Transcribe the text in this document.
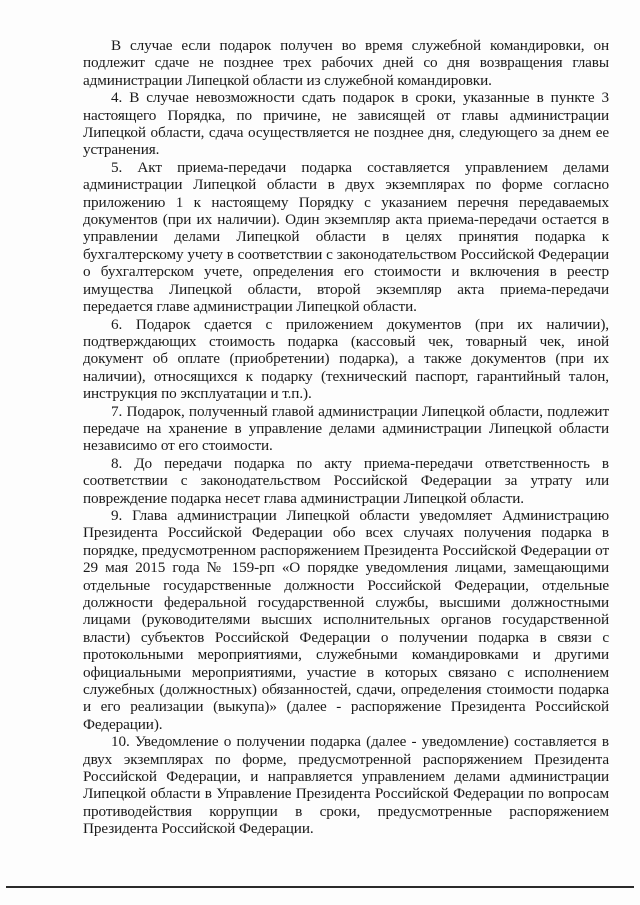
В случае если подарок получен во время служебной командировки, он подлежит сдаче не позднее трех рабочих дней со дня возвращения главы администрации Липецкой области из служебной командировки.

4. В случае невозможности сдать подарок в сроки, указанные в пункте 3 настоящего Порядка, по причине, не зависящей от главы администрации Липецкой области, сдача осуществляется не позднее дня, следующего за днем ее устранения.

5. Акт приема-передачи подарка составляется управлением делами администрации Липецкой области в двух экземплярах по форме согласно приложению 1 к настоящему Порядку с указанием перечня передаваемых документов (при их наличии). Один экземпляр акта приема-передачи остается в управлении делами Липецкой области в целях принятия подарка к бухгалтерскому учету в соответствии с законодательством Российской Федерации о бухгалтерском учете, определения его стоимости и включения в реестр имущества Липецкой области, второй экземпляр акта приема-передачи передается главе администрации Липецкой области.

6. Подарок сдается с приложением документов (при их наличии), подтверждающих стоимость подарка (кассовый чек, товарный чек, иной документ об оплате (приобретении) подарка), а также документов (при их наличии), относящихся к подарку (технический паспорт, гарантийный талон, инструкция по эксплуатации и т.п.).

7. Подарок, полученный главой администрации Липецкой области, подлежит передаче на хранение в управление делами администрации Липецкой области независимо от его стоимости.

8. До передачи подарка по акту приема-передачи ответственность в соответствии с законодательством Российской Федерации за утрату или повреждение подарка несет глава администрации Липецкой области.

9. Глава администрации Липецкой области уведомляет Администрацию Президента Российской Федерации обо всех случаях получения подарка в порядке, предусмотренном распоряжением Президента Российской Федерации от 29 мая 2015 года № 159-рп «О порядке уведомления лицами, замещающими отдельные государственные должности Российской Федерации, отдельные должности федеральной государственной службы, высшими должностными лицами (руководителями высших исполнительных органов государственной власти) субъектов Российской Федерации о получении подарка в связи с протокольными мероприятиями, служебными командировками и другими официальными мероприятиями, участие в которых связано с исполнением служебных (должностных) обязанностей, сдачи, определения стоимости подарка и его реализации (выкупа)» (далее - распоряжение Президента Российской Федерации).

10. Уведомление о получении подарка (далее - уведомление) составляется в двух экземплярах по форме, предусмотренной распоряжением Президента Российской Федерации, и направляется управлением делами администрации Липецкой области в Управление Президента Российской Федерации по вопросам противодействия коррупции в сроки, предусмотренные распоряжением Президента Российской Федерации.
